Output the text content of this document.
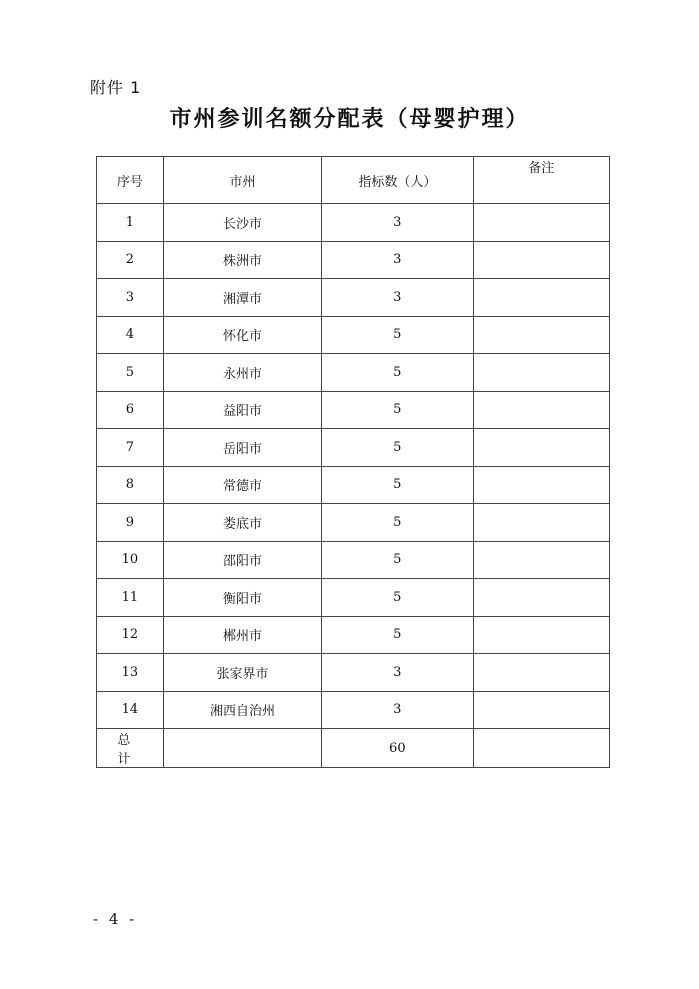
附件 1
市州参训名额分配表（母婴护理）
序号	市州	指标数（人）	备注
1	长沙市	3	
2	株洲市	3	
3	湘潭市	3	
4	怀化市	5	
5	永州市	5	
6	益阳市	5	
7	岳阳市	5	
8	常德市	5	
9	娄底市	5	
10	邵阳市	5	
11	衡阳市	5	
12	郴州市	5	
13	张家界市	3	
14	湘西自治州	3	
总 计		60	
- 4 -
